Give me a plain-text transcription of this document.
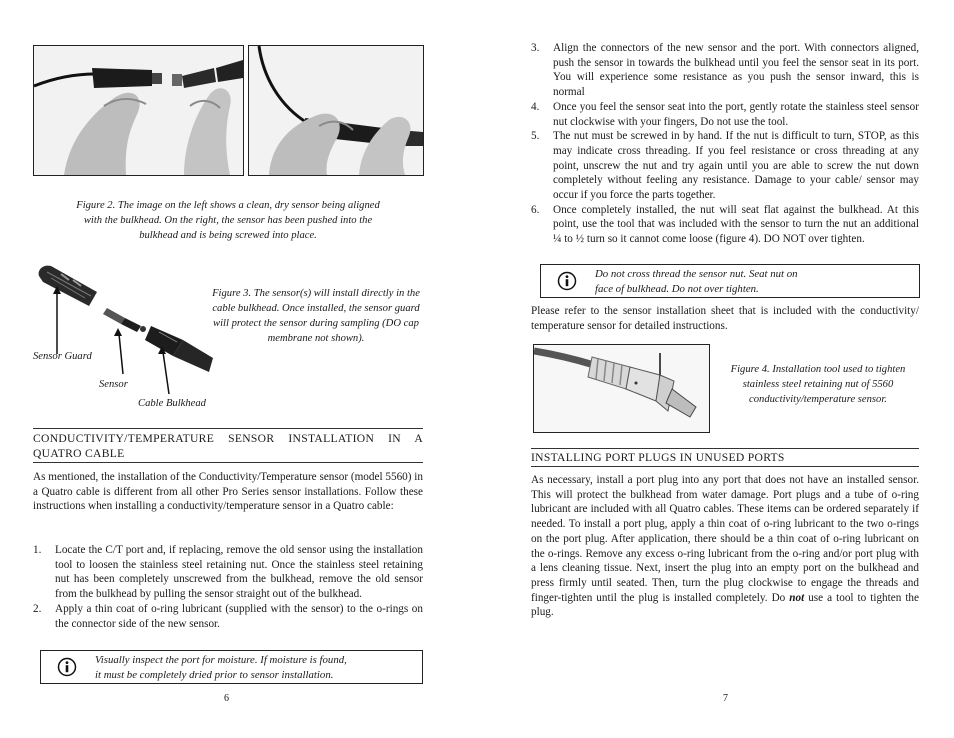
Figure 2. The image on the left shows a clean, dry sensor being aligned with the bulkhead. On the right, the sensor has been pushed into the bulkhead and is being screwed into place.
Sensor Guard
Sensor
Cable Bulkhead
Figure 3. The sensor(s) will install directly in the cable bulkhead. Once installed, the sensor guard will protect the sensor during sampling (DO cap membrane not shown).
CONDUCTIVITY/TEMPERATURE SENSOR INSTALLATION IN A QUATRO CABLE
As mentioned, the installation of the Conductivity/Temperature sensor (model 5560) in a Quatro cable is different from all other Pro Series sensor installations. Follow these instructions when installing a conductivity/temperature sensor in a Quatro cable:
1. Locate the C/T port and, if replacing, remove the old sensor using the installation tool to loosen the stainless steel retaining nut. Once the stainless steel retaining nut has been completely unscrewed from the bulkhead, remove the old sensor from the bulkhead by pulling the sensor straight out of the bulkhead.
2. Apply a thin coat of o-ring lubricant (supplied with the sensor) to the o-rings on the connector side of the new sensor.
Visually inspect the port for moisture. If moisture is found,
it must be completely dried prior to sensor installation.
6
3. Align the connectors of the new sensor and the port. With connectors aligned, push the sensor in towards the bulkhead until you feel the sensor seat in its port. You will experience some resistance as you push the sensor inward, this is normal
4. Once you feel the sensor seat into the port, gently rotate the stainless steel sensor nut clockwise with your fingers, Do not use the tool.
5. The nut must be screwed in by hand. If the nut is difficult to turn, STOP, as this may indicate cross threading. If you feel resistance or cross threading at any point, unscrew the nut and try again until you are able to screw the nut down completely without feeling any resistance. Damage to your cable/ sensor may occur if you force the parts together.
6. Once completely installed, the nut will seat flat against the bulkhead. At this point, use the tool that was included with the sensor to turn the nut an additional ¼ to ½ turn so it cannot come loose (figure 4). DO NOT over tighten.
Do not cross thread the sensor nut. Seat nut on
face of bulkhead. Do not over tighten.
Please refer to the sensor installation sheet that is included with the conductivity/ temperature sensor for detailed instructions.
Figure 4. Installation tool used to tighten stainless steel retaining nut of 5560 conductivity/temperature sensor.
INSTALLING PORT PLUGS IN UNUSED PORTS
As necessary, install a port plug into any port that does not have an installed sensor. This will protect the bulkhead from water damage. Port plugs and a tube of o-ring lubricant are included with all Quatro cables. These items can be ordered separately if needed. To install a port plug, apply a thin coat of o-ring lubricant to the two o-rings on the port plug. After application, there should be a thin coat of o-ring lubricant on the o-rings. Remove any excess o-ring lubricant from the o-ring and/or port plug with a lens cleaning tissue. Next, insert the plug into an empty port on the bulkhead and press firmly until seated. Then, turn the plug clockwise to engage the threads and finger-tighten until the plug is installed completely. Do not use a tool to tighten the plug.
7
